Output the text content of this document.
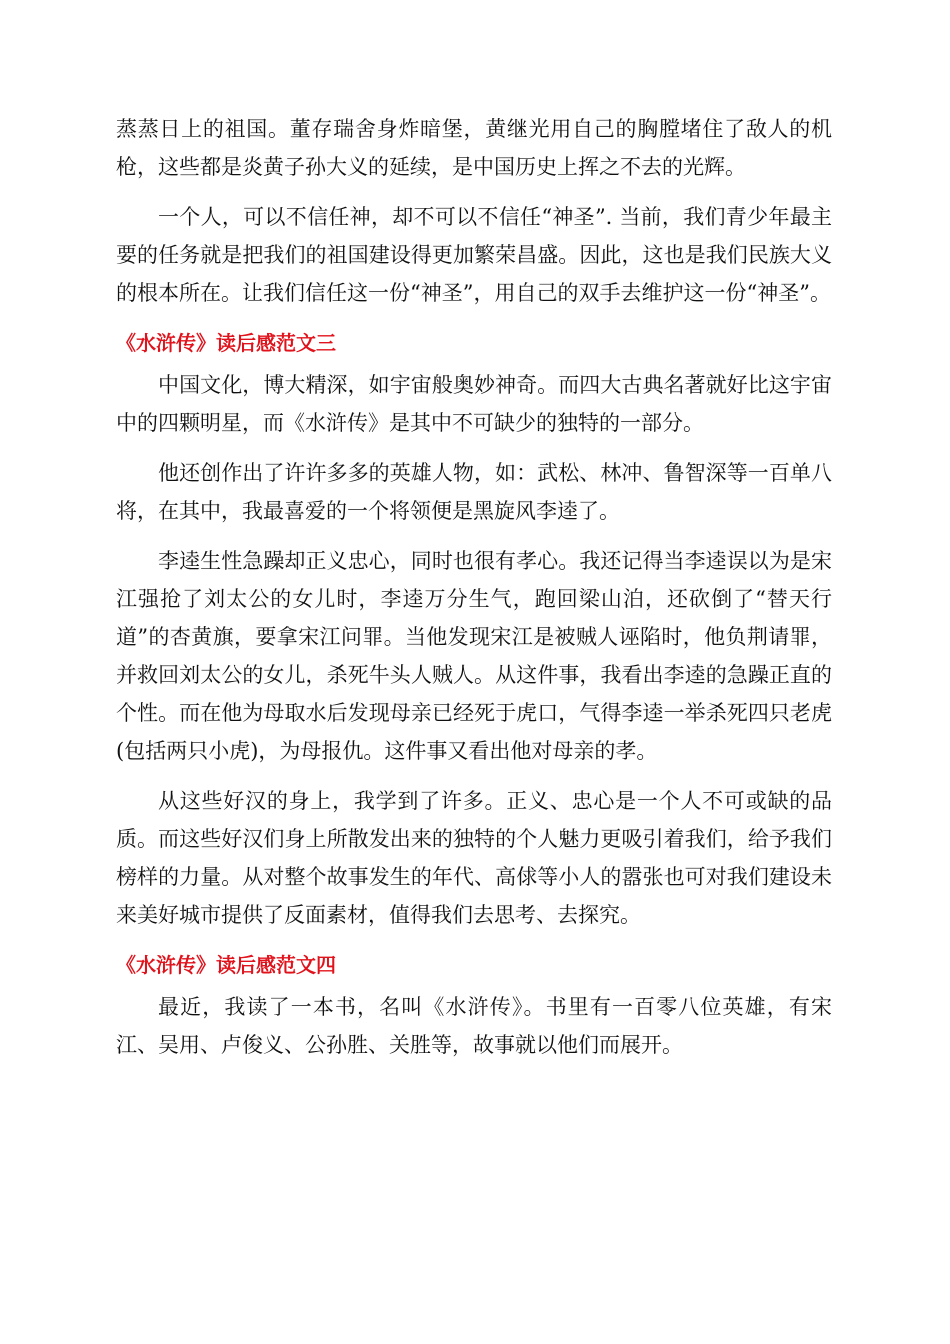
蒸蒸日上的祖国。董存瑞舍身炸暗堡，黄继光用自己的胸膛堵住了敌人的机枪，这些都是炎黄子孙大义的延续，是中国历史上挥之不去的光辉。

一个人，可以不信任神，却不可以不信任“神圣”. 当前，我们青少年最主要的任务就是把我们的祖国建设得更加繁荣昌盛。因此，这也是我们民族大义的根本所在。让我们信任这一份“神圣”，用自己的双手去维护这一份“神圣”。

《水浒传》读后感范文三

中国文化，博大精深，如宇宙般奥妙神奇。而四大古典名著就好比这宇宙中的四颗明星，而《水浒传》是其中不可缺少的独特的一部分。

他还创作出了许许多多的英雄人物，如：武松、林冲、鲁智深等一百单八将，在其中，我最喜爱的一个将领便是黑旋风李逵了。

李逵生性急躁却正义忠心，同时也很有孝心。我还记得当李逵误以为是宋江强抢了刘太公的女儿时，李逵万分生气，跑回梁山泊，还砍倒了“替天行道”的杏黄旗，要拿宋江问罪。当他发现宋江是被贼人诬陷时，他负荆请罪，并救回刘太公的女儿，杀死牛头人贼人。从这件事，我看出李逵的急躁正直的个性。而在他为母取水后发现母亲已经死于虎口，气得李逵一举杀死四只老虎(包括两只小虎)，为母报仇。这件事又看出他对母亲的孝。

从这些好汉的身上，我学到了许多。正义、忠心是一个人不可或缺的品质。而这些好汉们身上所散发出来的独特的个人魅力更吸引着我们，给予我们榜样的力量。从对整个故事发生的年代、高俅等小人的嚣张也可对我们建设未来美好城市提供了反面素材，值得我们去思考、去探究。

《水浒传》读后感范文四

最近，我读了一本书，名叫《水浒传》。书里有一百零八位英雄，有宋江、吴用、卢俊义、公孙胜、关胜等，故事就以他们而展开。
